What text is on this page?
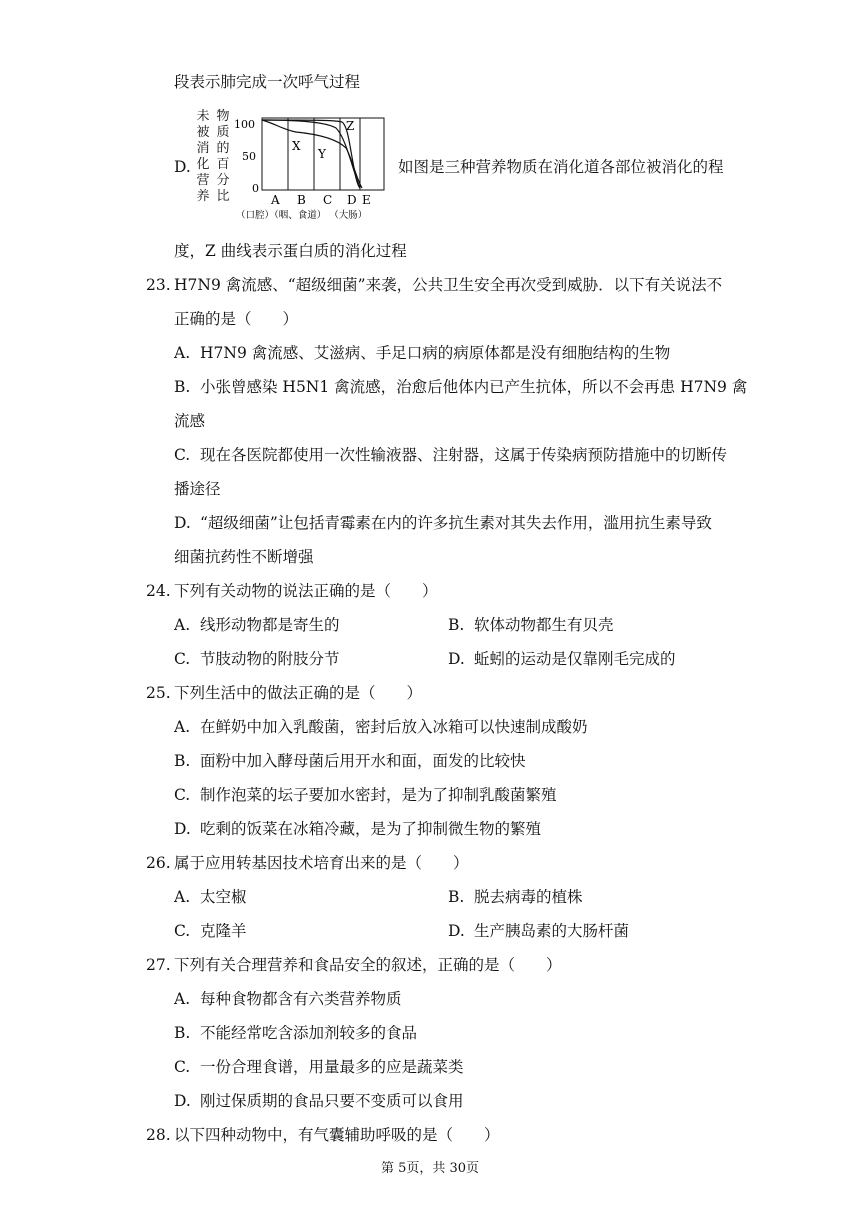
段表示肺完成一次呼气过程
D.
未
被
消
化
营
养
物
质
的
百
分
比
100
50
0
X
Y
Z
A B C D E
（口腔）（咽、食道） （大肠）
如图是三种营养物质在消化道各部位被消化的程
度，Z 曲线表示蛋白质的消化过程
23. H7N9 禽流感、“超级细菌”来袭，公共卫生安全再次受到威胁．以下有关说法不
正确的是（　　）
A. H7N9 禽流感、艾滋病、手足口病的病原体都是没有细胞结构的生物
B. 小张曾感染 H5N1 禽流感，治愈后他体内已产生抗体，所以不会再患 H7N9 禽
流感
C. 现在各医院都使用一次性输液器、注射器，这属于传染病预防措施中的切断传
播途径
D. “超级细菌”让包括青霉素在内的许多抗生素对其失去作用，滥用抗生素导致
细菌抗药性不断增强
24. 下列有关动物的说法正确的是（　　）
A. 线形动物都是寄生的	B. 软体动物都生有贝壳
C. 节肢动物的附肢分节	D. 蚯蚓的运动是仅靠刚毛完成的
25. 下列生活中的做法正确的是（　　）
A. 在鲜奶中加入乳酸菌，密封后放入冰箱可以快速制成酸奶
B. 面粉中加入酵母菌后用开水和面，面发的比较快
C. 制作泡菜的坛子要加水密封，是为了抑制乳酸菌繁殖
D. 吃剩的饭菜在冰箱冷藏，是为了抑制微生物的繁殖
26. 属于应用转基因技术培育出来的是（　　）
A. 太空椒	B. 脱去病毒的植株
C. 克隆羊	D. 生产胰岛素的大肠杆菌
27. 下列有关合理营养和食品安全的叙述，正确的是（　　）
A. 每种食物都含有六类营养物质
B. 不能经常吃含添加剂较多的食品
C. 一份合理食谱，用量最多的应是蔬菜类
D. 刚过保质期的食品只要不变质可以食用
28. 以下四种动物中，有气囊辅助呼吸的是（　　）
第 5页，共 30页
